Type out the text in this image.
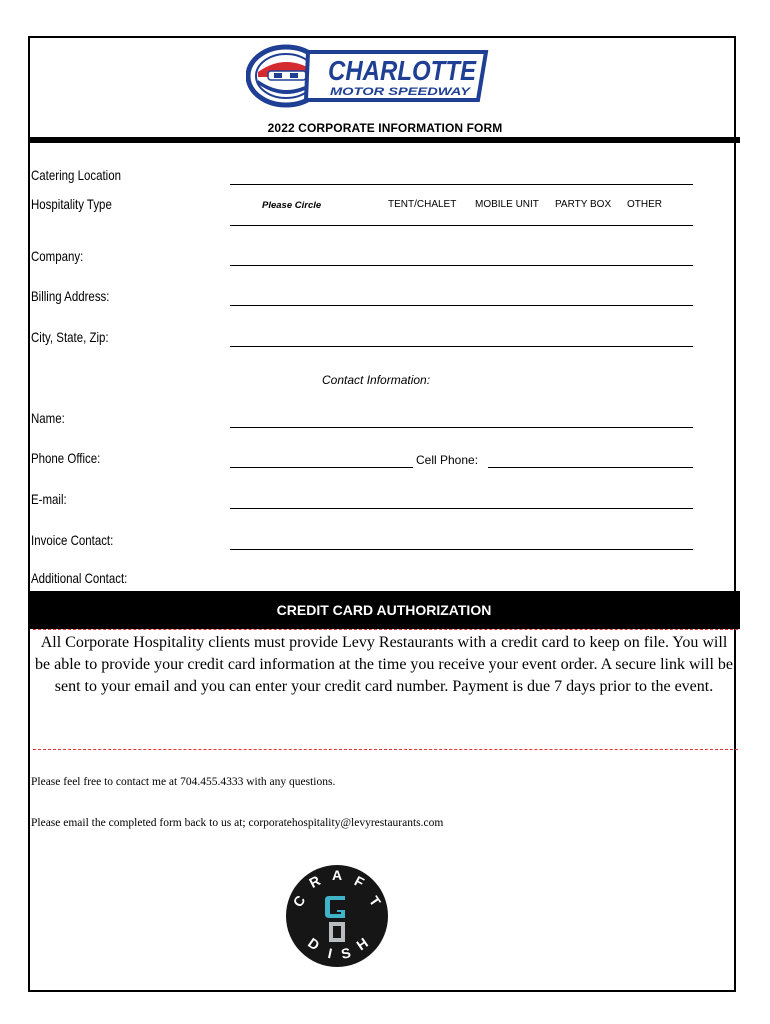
CHARLOTTE
MOTOR SPEEDWAY
2022 CORPORATE INFORMATION FORM
Catering Location
Hospitality Type	Please Circle	TENT/CHALET MOBILE UNIT PARTY BOX OTHER
Company:
Billing Address:
City, State, Zip:
Contact Information:
Name:
Phone Office:	Cell Phone:
E-mail:
Invoice Contact:
Additional Contact:
CREDIT CARD AUTHORIZATION
All Corporate Hospitality clients must provide Levy Restaurants with a credit card to keep on file. You will be able to provide your credit card information at the time you receive your event order. A secure link will be sent to your email and you can enter your credit card number. Payment is due 7 days prior to the event.
Please feel free to contact me at 704.455.4333 with any questions.
Please email the completed form back to us at; corporatehospitality@levyrestaurants.com
C
R A F
T
D I S H
